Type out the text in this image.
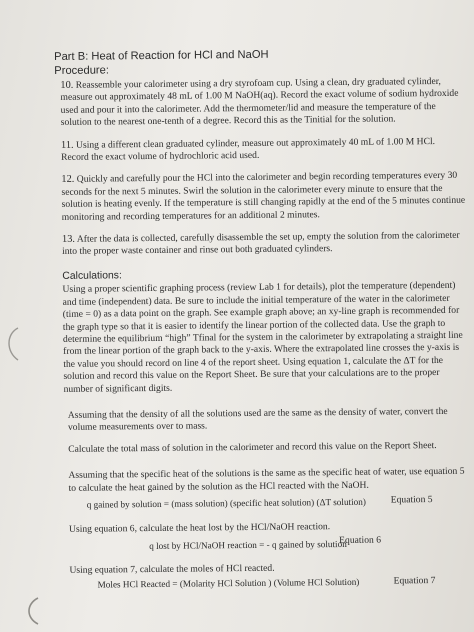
Part B: Heat of Reaction for HCl and NaOH
Procedure:
10. Reassemble your calorimeter using a dry styrofoam cup. Using a clean, dry graduated cylinder, measure out approximately 48 mL of 1.00 M NaOH(aq). Record the exact volume of sodium hydroxide used and pour it into the calorimeter. Add the thermometer/lid and measure the temperature of the solution to the nearest one-tenth of a degree. Record this as the Tinitial for the solution.
11. Using a different clean graduated cylinder, measure out approximately 40 mL of 1.00 M HCl. Record the exact volume of hydrochloric acid used.
12. Quickly and carefully pour the HCl into the calorimeter and begin recording temperatures every 30 seconds for the next 5 minutes. Swirl the solution in the calorimeter every minute to ensure that the solution is heating evenly. If the temperature is still changing rapidly at the end of the 5 minutes continue monitoring and recording temperatures for an additional 2 minutes.
13. After the data is collected, carefully disassemble the set up, empty the solution from the calorimeter into the proper waste container and rinse out both graduated cylinders.
Calculations:
Using a proper scientific graphing process (review Lab 1 for details), plot the temperature (dependent) and time (independent) data. Be sure to include the initial temperature of the water in the calorimeter (time = 0) as a data point on the graph. See example graph above; an xy-line graph is recommended for the graph type so that it is easier to identify the linear portion of the collected data. Use the graph to determine the equilibrium “high” Tfinal for the system in the calorimeter by extrapolating a straight line from the linear portion of the graph back to the y-axis. Where the extrapolated line crosses the y-axis is the value you should record on line 4 of the report sheet. Using equation 1, calculate the ΔT for the solution and record this value on the Report Sheet. Be sure that your calculations are to the proper number of significant digits.
Assuming that the density of all the solutions used are the same as the density of water, convert the volume measurements over to mass.
Calculate the total mass of solution in the calorimeter and record this value on the Report Sheet.
Assuming that the specific heat of the solutions is the same as the specific heat of water, use equation 5 to calculate the heat gained by the solution as the HCl reacted with the NaOH.
q gained by solution = (mass solution) (specific heat solution) (ΔT solution)	Equation 5
Using equation 6, calculate the heat lost by the HCl/NaOH reaction.
q lost by HCl/NaOH reaction = - q gained by solution
Equation 6
Using equation 7, calculate the moles of HCl reacted.
Moles HCl Reacted = (Molarity HCl Solution ) (Volume HCl Solution)	Equation 7
